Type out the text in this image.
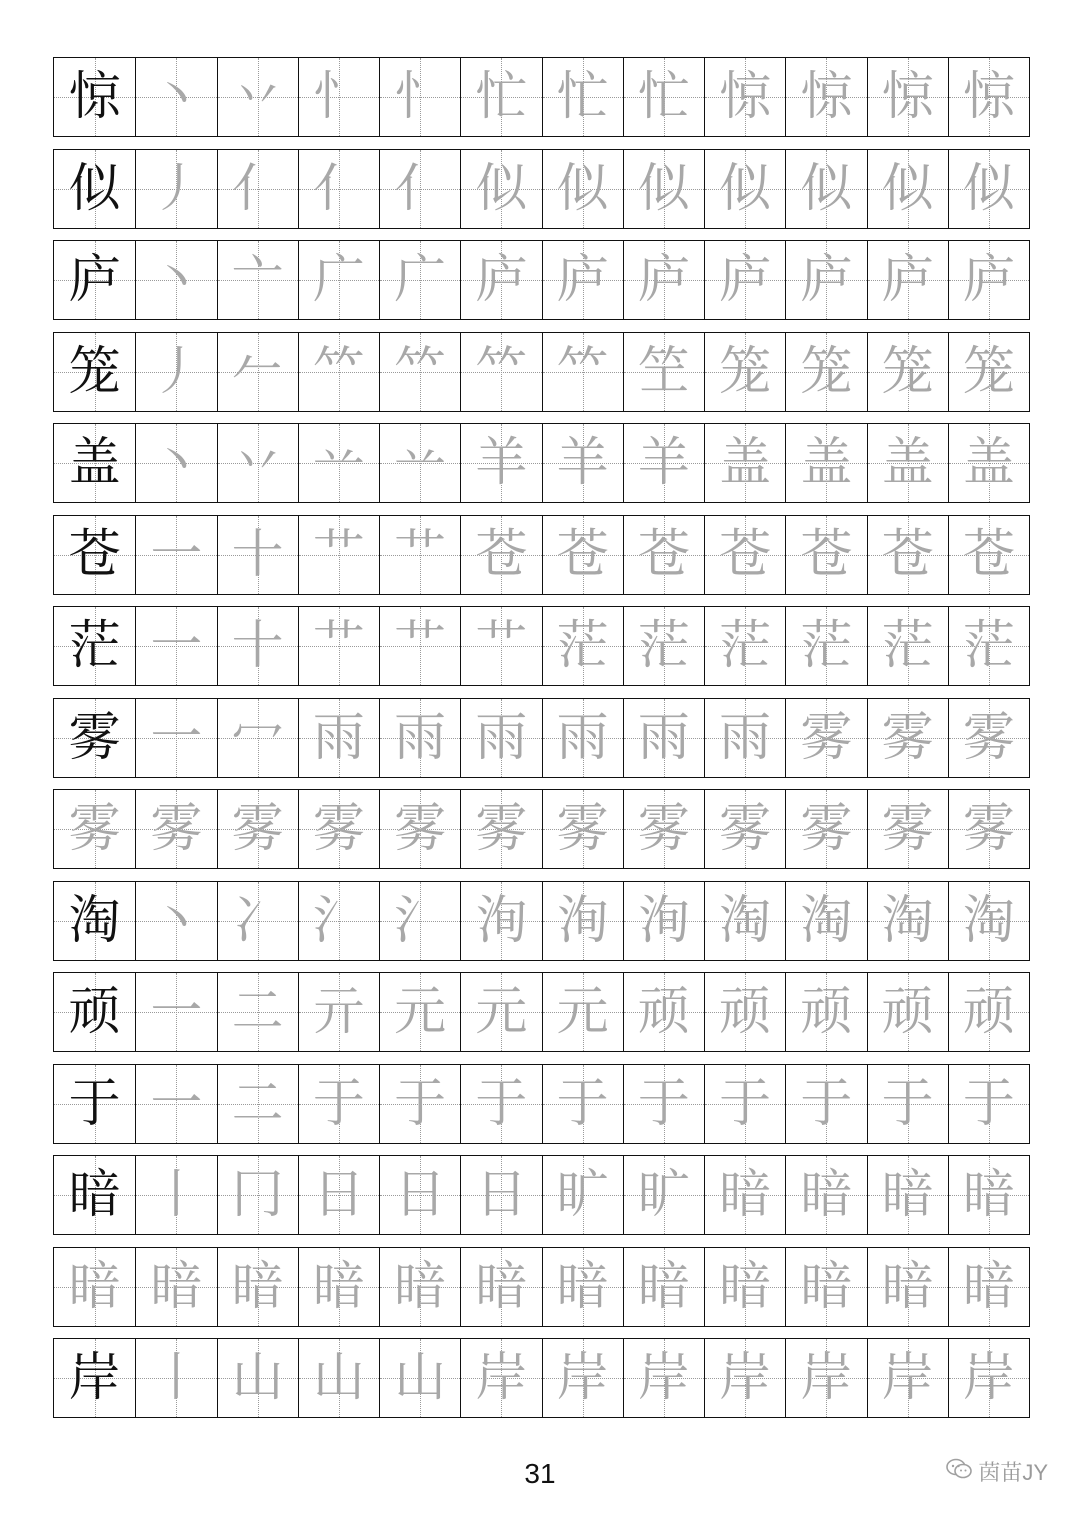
惊 丶 丷 忄 忄 忙 忙 忙 惊 惊 惊 惊
似 丿 亻 亻 亻 似 似 似 似 似 似 似
庐 丶 亠 广 广 庐 庐 庐 庐 庐 庐 庐
笼 丿 𠂉 𥫗 𥫗 𥫗 𥫗 笁 笼 笼 笼 笼
盖 丶 丷 䒑 䒑 羊 羊 羊 盖 盖 盖 盖
苍 一 十 艹 艹 苍 苍 苍 苍 苍 苍 苍
茫 一 十 艹 艹 艹 茫 茫 茫 茫 茫 茫
雾 一 冖 雨 雨 雨 雨 雨 雨 雾 雾 雾
雾 雾 雾 雾 雾 雾 雾 雾 雾 雾 雾 雾
淘 丶 冫 氵 氵 洵 洵 洵 淘 淘 淘 淘
顽 一 二 亓 元 元 元 顽 顽 顽 顽 顽
于 一 二 于 于 于 于 于 于 于 于 于
暗 丨 冂 日 日 日 旷 旷 暗 暗 暗 暗
暗 暗 暗 暗 暗 暗 暗 暗 暗 暗 暗 暗
岸 丨 山 山 山 岸 岸 岸 岸 岸 岸 岸
31	茵苗JY
